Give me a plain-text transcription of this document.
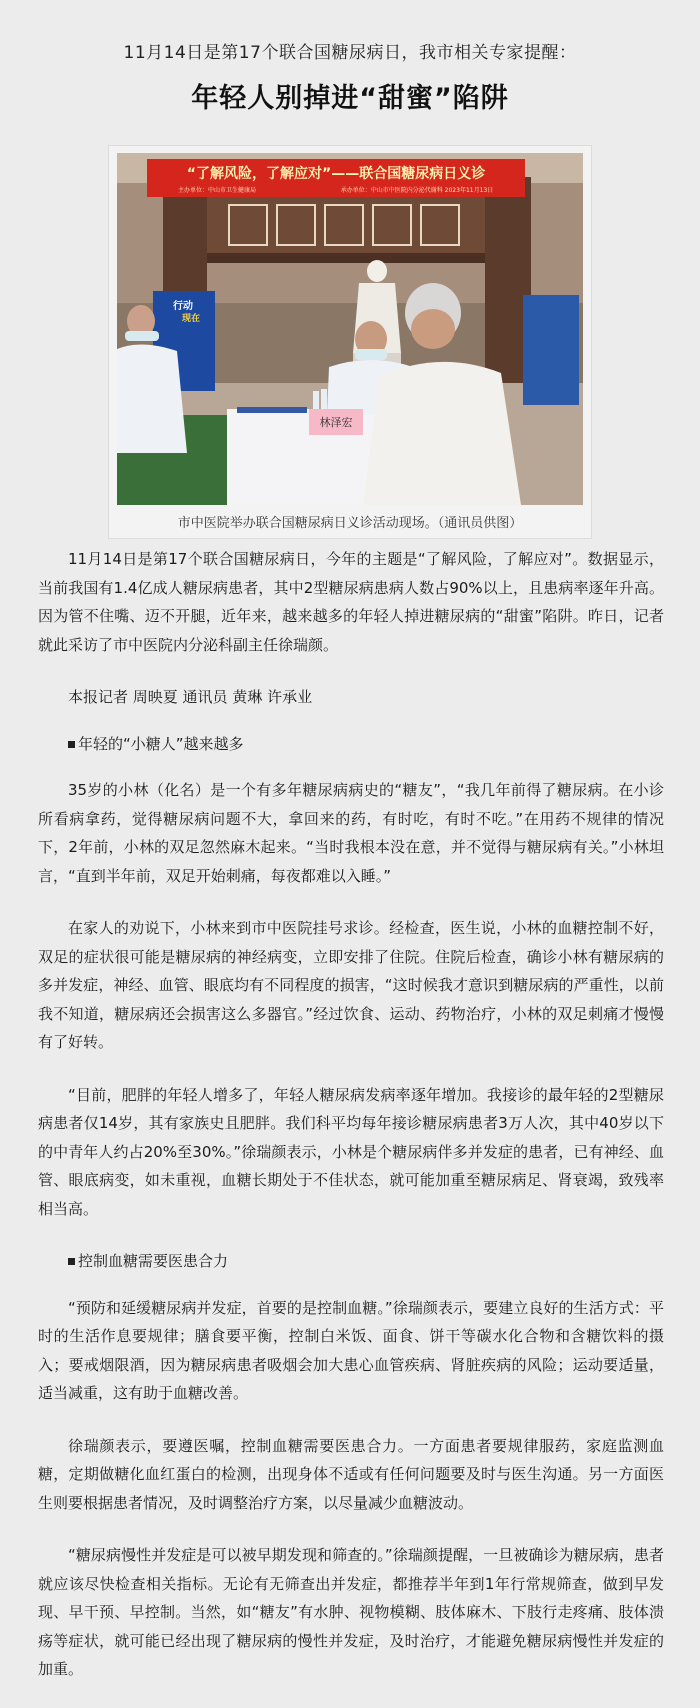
11月14日是第17个联合国糖尿病日，我市相关专家提醒：
年轻人别掉进“甜蜜”陷阱
“了解风险，了解应对”——联合国糖尿病日义诊
主办单位：中山市卫生健康局	承办单位：中山市中医院内分泌代谢科 2023年11月13日
行动
现在
林泽宏
市中医院举办联合国糖尿病日义诊活动现场。（通讯员供图）

11月14日是第17个联合国糖尿病日，今年的主题是“了解风险，了解应对”。数据显示，当前我国有1.4亿成人糖尿病患者，其中2型糖尿病患病人数占90%以上，且患病率逐年升高。因为管不住嘴、迈不开腿，近年来，越来越多的年轻人掉进糖尿病的“甜蜜”陷阱。昨日，记者就此采访了市中医院内分泌科副主任徐瑞颜。

本报记者 周映夏 通讯员 黄琳 许承业

年轻的“小糖人”越来越多

35岁的小林（化名）是一个有多年糖尿病病史的“糖友”，“我几年前得了糖尿病。在小诊所看病拿药，觉得糖尿病问题不大，拿回来的药，有时吃，有时不吃。”在用药不规律的情况下，2年前，小林的双足忽然麻木起来。“当时我根本没在意，并不觉得与糖尿病有关。”小林坦言，“直到半年前，双足开始刺痛，每夜都难以入睡。”

在家人的劝说下，小林来到市中医院挂号求诊。经检查，医生说，小林的血糖控制不好，双足的症状很可能是糖尿病的神经病变，立即安排了住院。住院后检查，确诊小林有糖尿病的多并发症，神经、血管、眼底均有不同程度的损害，“这时候我才意识到糖尿病的严重性，以前我不知道，糖尿病还会损害这么多器官。”经过饮食、运动、药物治疗，小林的双足刺痛才慢慢有了好转。

“目前，肥胖的年轻人增多了，年轻人糖尿病发病率逐年增加。我接诊的最年轻的2型糖尿病患者仅14岁，其有家族史且肥胖。我们科平均每年接诊糖尿病患者3万人次，其中40岁以下的中青年人约占20%至30%。”徐瑞颜表示，小林是个糖尿病伴多并发症的患者，已有神经、血管、眼底病变，如未重视，血糖长期处于不佳状态，就可能加重至糖尿病足、肾衰竭，致残率相当高。

控制血糖需要医患合力

“预防和延缓糖尿病并发症，首要的是控制血糖。”徐瑞颜表示，要建立良好的生活方式：平时的生活作息要规律；膳食要平衡，控制白米饭、面食、饼干等碳水化合物和含糖饮料的摄入；要戒烟限酒，因为糖尿病患者吸烟会加大患心血管疾病、肾脏疾病的风险；运动要适量，适当减重，这有助于血糖改善。

徐瑞颜表示，要遵医嘱，控制血糖需要医患合力。一方面患者要规律服药，家庭监测血糖，定期做糖化血红蛋白的检测，出现身体不适或有任何问题要及时与医生沟通。另一方面医生则要根据患者情况，及时调整治疗方案，以尽量减少血糖波动。

“糖尿病慢性并发症是可以被早期发现和筛查的。”徐瑞颜提醒，一旦被确诊为糖尿病，患者就应该尽快检查相关指标。无论有无筛查出并发症，都推荐半年到1年行常规筛查，做到早发现、早干预、早控制。当然，如“糖友”有水肿、视物模糊、肢体麻木、下肢行走疼痛、肢体溃疡等症状，就可能已经出现了糖尿病的慢性并发症，及时治疗，才能避免糖尿病慢性并发症的加重。
